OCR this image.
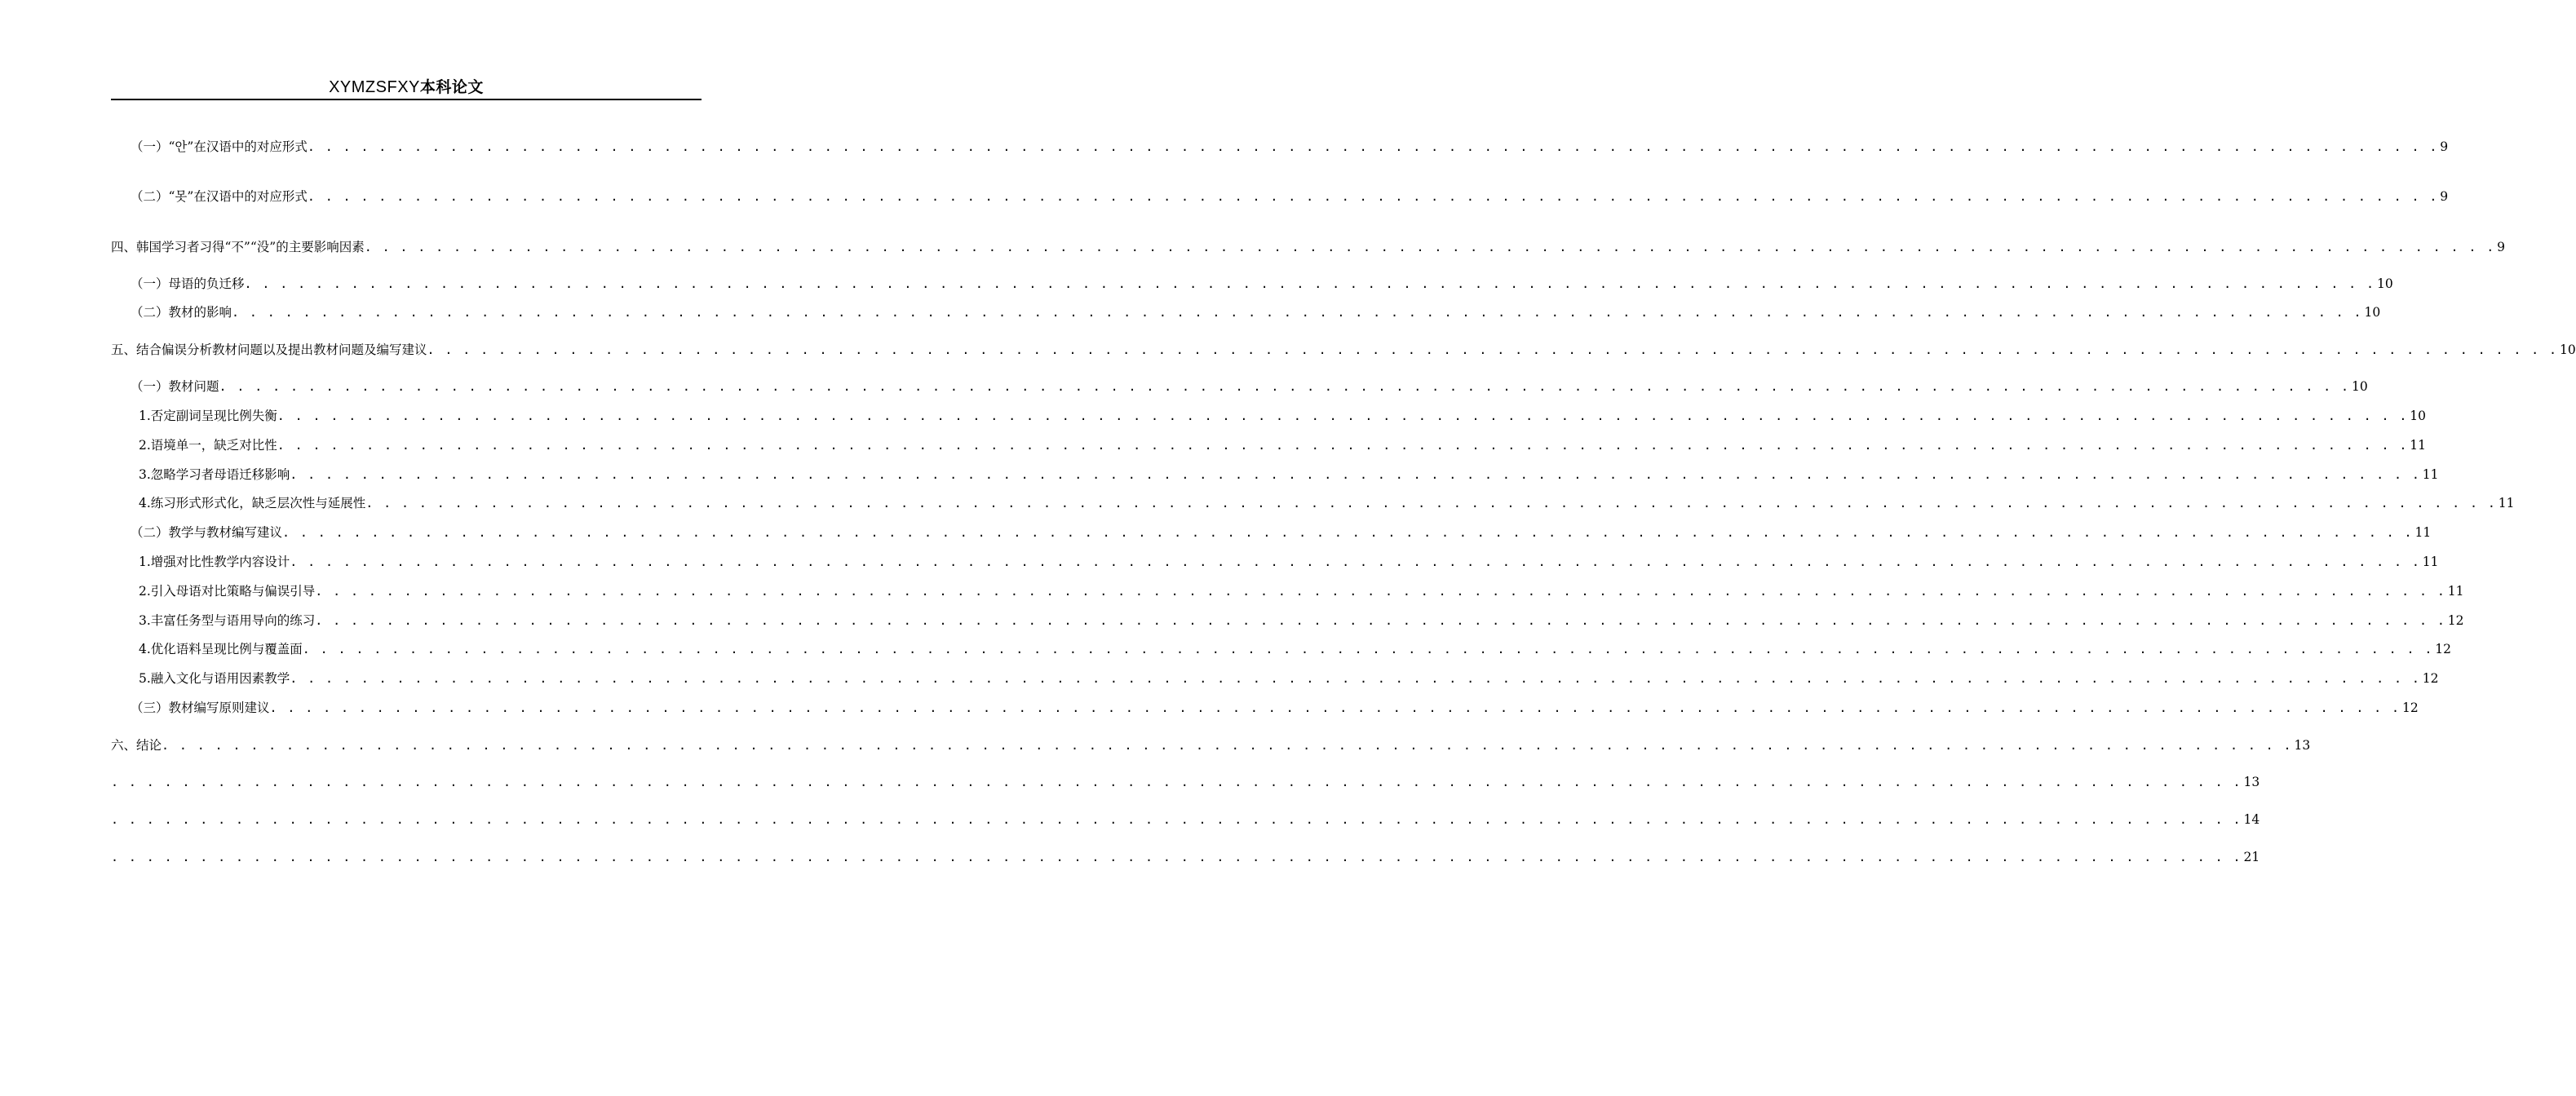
XYMZSFXY本科论文
（一）“안”在汉语中的对应形式 . . . . . . . . . . . . . . . . . . . . . . . . . . . . . . . . . . . . . . . . . . . . . . . . . . . . . . . . . . . . . . . . . . . . . . . . . . . . . . . . . . . . . . . . . . . . . . . . . . . . . . . . . . . . . . . . . . . . . . . . 9
（二）“못”在汉语中的对应形式 . . . . . . . . . . . . . . . . . . . . . . . . . . . . . . . . . . . . . . . . . . . . . . . . . . . . . . . . . . . . . . . . . . . . . . . . . . . . . . . . . . . . . . . . . . . . . . . . . . . . . . . . . . . . . . . . . . . . . . . . 9
四、韩国学习者习得“不”“没”的主要影响因素 . . . . . . . . . . . . . . . . . . . . . . . . . . . . . . . . . . . . . . . . . . . . . . . . . . . . . . . . . . . . . . . . . . . . . . . . . . . . . . . . . . . . . . . . . . . . . . . . . . . . . . . . . . . . . . . . . . . . . . . . 9
（一）母语的负迁移 . . . . . . . . . . . . . . . . . . . . . . . . . . . . . . . . . . . . . . . . . . . . . . . . . . . . . . . . . . . . . . . . . . . . . . . . . . . . . . . . . . . . . . . . . . . . . . . . . . . . . . . . . . . . . . . . . . . . . . . . 10
（二）教材的影响 . . . . . . . . . . . . . . . . . . . . . . . . . . . . . . . . . . . . . . . . . . . . . . . . . . . . . . . . . . . . . . . . . . . . . . . . . . . . . . . . . . . . . . . . . . . . . . . . . . . . . . . . . . . . . . . . . . . . . . . . 10
五、结合偏误分析教材问题以及提出教材问题及编写建议 . . . . . . . . . . . . . . . . . . . . . . . . . . . . . . . . . . . . . . . . . . . . . . . . . . . . . . . . . . . . . . . . . . . . . . . . . . . . . . . . . . . . . . . . . . . . . . . . . . . . . . . . . . . . . . . . . . . . . . . . 10
（一）教材问题 . . . . . . . . . . . . . . . . . . . . . . . . . . . . . . . . . . . . . . . . . . . . . . . . . . . . . . . . . . . . . . . . . . . . . . . . . . . . . . . . . . . . . . . . . . . . . . . . . . . . . . . . . . . . . . . . . . . . . . . . 10
1.否定副词呈现比例失衡 . . . . . . . . . . . . . . . . . . . . . . . . . . . . . . . . . . . . . . . . . . . . . . . . . . . . . . . . . . . . . . . . . . . . . . . . . . . . . . . . . . . . . . . . . . . . . . . . . . . . . . . . . . . . . . . . . . . . . . . . 10
2.语境单一，缺乏对比性 . . . . . . . . . . . . . . . . . . . . . . . . . . . . . . . . . . . . . . . . . . . . . . . . . . . . . . . . . . . . . . . . . . . . . . . . . . . . . . . . . . . . . . . . . . . . . . . . . . . . . . . . . . . . . . . . . . . . . . . . 11
3.忽略学习者母语迁移影响 . . . . . . . . . . . . . . . . . . . . . . . . . . . . . . . . . . . . . . . . . . . . . . . . . . . . . . . . . . . . . . . . . . . . . . . . . . . . . . . . . . . . . . . . . . . . . . . . . . . . . . . . . . . . . . . . . . . . . . . . 11
4.练习形式形式化，缺乏层次性与延展性 . . . . . . . . . . . . . . . . . . . . . . . . . . . . . . . . . . . . . . . . . . . . . . . . . . . . . . . . . . . . . . . . . . . . . . . . . . . . . . . . . . . . . . . . . . . . . . . . . . . . . . . . . . . . . . . . . . . . . . . . 11
（二）教学与教材编写建议 . . . . . . . . . . . . . . . . . . . . . . . . . . . . . . . . . . . . . . . . . . . . . . . . . . . . . . . . . . . . . . . . . . . . . . . . . . . . . . . . . . . . . . . . . . . . . . . . . . . . . . . . . . . . . . . . . . . . . . . . 11
1.增强对比性教学内容设计 . . . . . . . . . . . . . . . . . . . . . . . . . . . . . . . . . . . . . . . . . . . . . . . . . . . . . . . . . . . . . . . . . . . . . . . . . . . . . . . . . . . . . . . . . . . . . . . . . . . . . . . . . . . . . . . . . . . . . . . . 11
2.引入母语对比策略与偏误引导 . . . . . . . . . . . . . . . . . . . . . . . . . . . . . . . . . . . . . . . . . . . . . . . . . . . . . . . . . . . . . . . . . . . . . . . . . . . . . . . . . . . . . . . . . . . . . . . . . . . . . . . . . . . . . . . . . . . . . . . . 11
3.丰富任务型与语用导向的练习 . . . . . . . . . . . . . . . . . . . . . . . . . . . . . . . . . . . . . . . . . . . . . . . . . . . . . . . . . . . . . . . . . . . . . . . . . . . . . . . . . . . . . . . . . . . . . . . . . . . . . . . . . . . . . . . . . . . . . . . . 12
4.优化语料呈现比例与覆盖面 . . . . . . . . . . . . . . . . . . . . . . . . . . . . . . . . . . . . . . . . . . . . . . . . . . . . . . . . . . . . . . . . . . . . . . . . . . . . . . . . . . . . . . . . . . . . . . . . . . . . . . . . . . . . . . . . . . . . . . . . 12
5.融入文化与语用因素教学 . . . . . . . . . . . . . . . . . . . . . . . . . . . . . . . . . . . . . . . . . . . . . . . . . . . . . . . . . . . . . . . . . . . . . . . . . . . . . . . . . . . . . . . . . . . . . . . . . . . . . . . . . . . . . . . . . . . . . . . . 12
（三）教材编写原则建议 . . . . . . . . . . . . . . . . . . . . . . . . . . . . . . . . . . . . . . . . . . . . . . . . . . . . . . . . . . . . . . . . . . . . . . . . . . . . . . . . . . . . . . . . . . . . . . . . . . . . . . . . . . . . . . . . . . . . . . . . 12
六、结论 . . . . . . . . . . . . . . . . . . . . . . . . . . . . . . . . . . . . . . . . . . . . . . . . . . . . . . . . . . . . . . . . . . . . . . . . . . . . . . . . . . . . . . . . . . . . . . . . . . . . . . . . . . . . . . . . . . . . . . . . 13
. . . . . . . . . . . . . . . . . . . . . . . . . . . . . . . . . . . . . . . . . . . . . . . . . . . . . . . . . . . . . . . . . . . . . . . . . . . . . . . . . . . . . . . . . . . . . . . . . . . . . . . . . . . . . . . . . . . . . . . . 13
. . . . . . . . . . . . . . . . . . . . . . . . . . . . . . . . . . . . . . . . . . . . . . . . . . . . . . . . . . . . . . . . . . . . . . . . . . . . . . . . . . . . . . . . . . . . . . . . . . . . . . . . . . . . . . . . . . . . . . . . 14
. . . . . . . . . . . . . . . . . . . . . . . . . . . . . . . . . . . . . . . . . . . . . . . . . . . . . . . . . . . . . . . . . . . . . . . . . . . . . . . . . . . . . . . . . . . . . . . . . . . . . . . . . . . . . . . . . . . . . . . . 21
